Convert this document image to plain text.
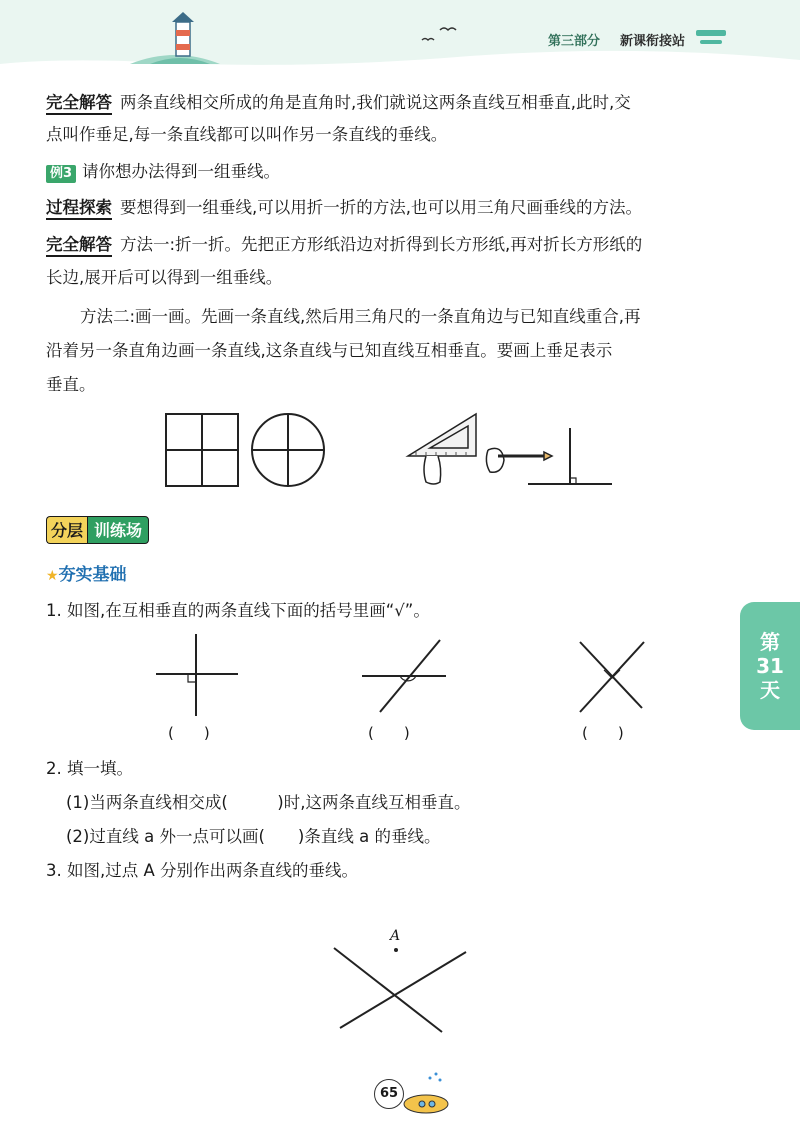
第三部分 新课衔接站
完全解答 两条直线相交所成的角是直角时,我们就说这两条直线互相垂直,此时,交
点叫作垂足,每一条直线都可以叫作另一条直线的垂线。
例3 请你想办法得到一组垂线。
过程探索 要想得到一组垂线,可以用折一折的方法,也可以用三角尺画垂线的方法。
完全解答 方法一:折一折。先把正方形纸沿边对折得到长方形纸,再对折长方形纸的
长边,展开后可以得到一组垂线。
方法二:画一画。先画一条直线,然后用三角尺的一条直角边与已知直线重合,再
沿着另一条直角边画一条直线,这条直线与已知直线互相垂直。要画上垂足表示
垂直。
分层 训练场
★夯实基础
第
31
天
1. 如图,在互相垂直的两条直线下面的括号里画“√”。
(　　)	(　　)	(　　)
2. 填一填。
(1)当两条直线相交成(　　　)时,这两条直线互相垂直。
(2)过直线 a 外一点可以画(　　)条直线 a 的垂线。
3. 如图,过点 A 分别作出两条直线的垂线。
A
65
